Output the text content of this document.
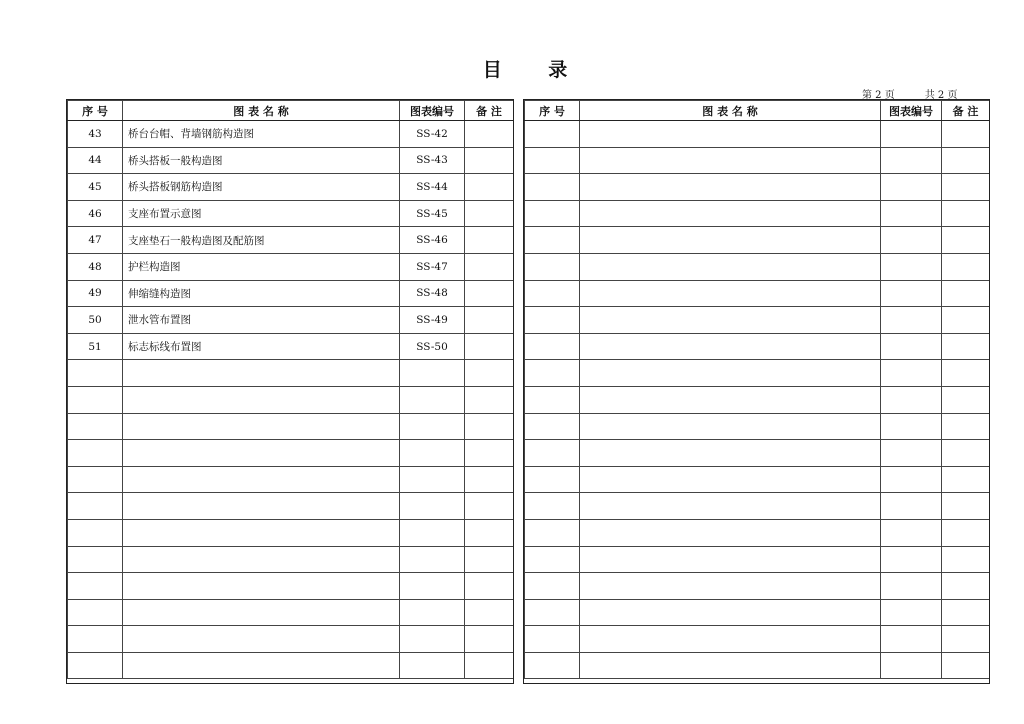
目 录
第 2 页	共 2 页
序 号	图 表 名 称	图表编号	备 注
43	桥台台帽、背墙钢筋构造图	SS-42	
44	桥头搭板一般构造图	SS-43	
45	桥头搭板钢筋构造图	SS-44	
46	支座布置示意图	SS-45	
47	支座垫石一般构造图及配筋图	SS-46	
48	护栏构造图	SS-47	
49	伸缩缝构造图	SS-48	
50	泄水管布置图	SS-49	
51	标志标线布置图	SS-50	

序 号	图 表 名 称	图表编号	备 注
